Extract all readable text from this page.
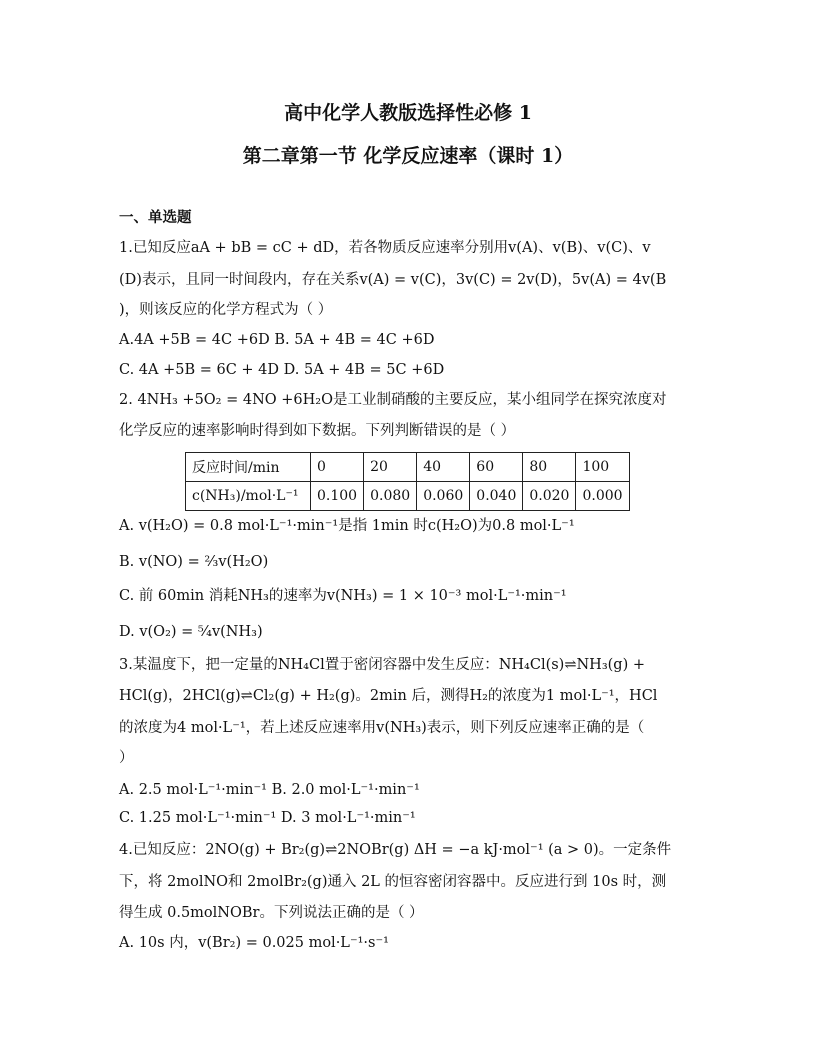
高中化学人教版选择性必修 1
第二章第一节 化学反应速率（课时 1）
一、单选题
1.已知反应aA + bB = cC + dD，若各物质反应速率分别用v(A)、v(B)、v(C)、v
(D)表示，且同一时间段内，存在关系v(A) = v(C)，3v(C) = 2v(D)，5v(A) = 4v(B
)，则该反应的化学方程式为（ ）
A.4A +5B = 4C +6D B. 5A + 4B = 4C +6D
C. 4A +5B = 6C + 4D D. 5A + 4B = 5C +6D
2. 4NH₃ +5O₂ = 4NO +6H₂O是工业制硝酸的主要反应，某小组同学在探究浓度对
化学反应的速率影响时得到如下数据。下列判断错误的是（ ）
反应时间/min	0	20	40	60	80	100
c(NH₃)/mol·L⁻¹	0.100	0.080	0.060	0.040	0.020	0.000
A. v(H₂O) = 0.8 mol·L⁻¹·min⁻¹是指 1min 时c(H₂O)为0.8 mol·L⁻¹
B. v(NO) = ²⁄₃v(H₂O)
C. 前 60min 消耗NH₃的速率为v(NH₃) = 1 × 10⁻³ mol·L⁻¹·min⁻¹
D. v(O₂) = ⁵⁄₄v(NH₃)
3.某温度下，把一定量的NH₄Cl置于密闭容器中发生反应：NH₄Cl(s)⇌NH₃(g) +
HCl(g)，2HCl(g)⇌Cl₂(g) + H₂(g)。2min 后，测得H₂的浓度为1 mol·L⁻¹，HCl
的浓度为4 mol·L⁻¹，若上述反应速率用v(NH₃)表示，则下列反应速率正确的是（
）
A. 2.5 mol·L⁻¹·min⁻¹ B. 2.0 mol·L⁻¹·min⁻¹
C. 1.25 mol·L⁻¹·min⁻¹ D. 3 mol·L⁻¹·min⁻¹
4.已知反应：2NO(g) + Br₂(g)⇌2NOBr(g) ΔH = −a kJ·mol⁻¹ (a > 0)。一定条件
下，将 2molNO和 2molBr₂(g)通入 2L 的恒容密闭容器中。反应进行到 10s 时，测
得生成 0.5molNOBr。下列说法正确的是（ ）
A. 10s 内，v(Br₂) = 0.025 mol·L⁻¹·s⁻¹
